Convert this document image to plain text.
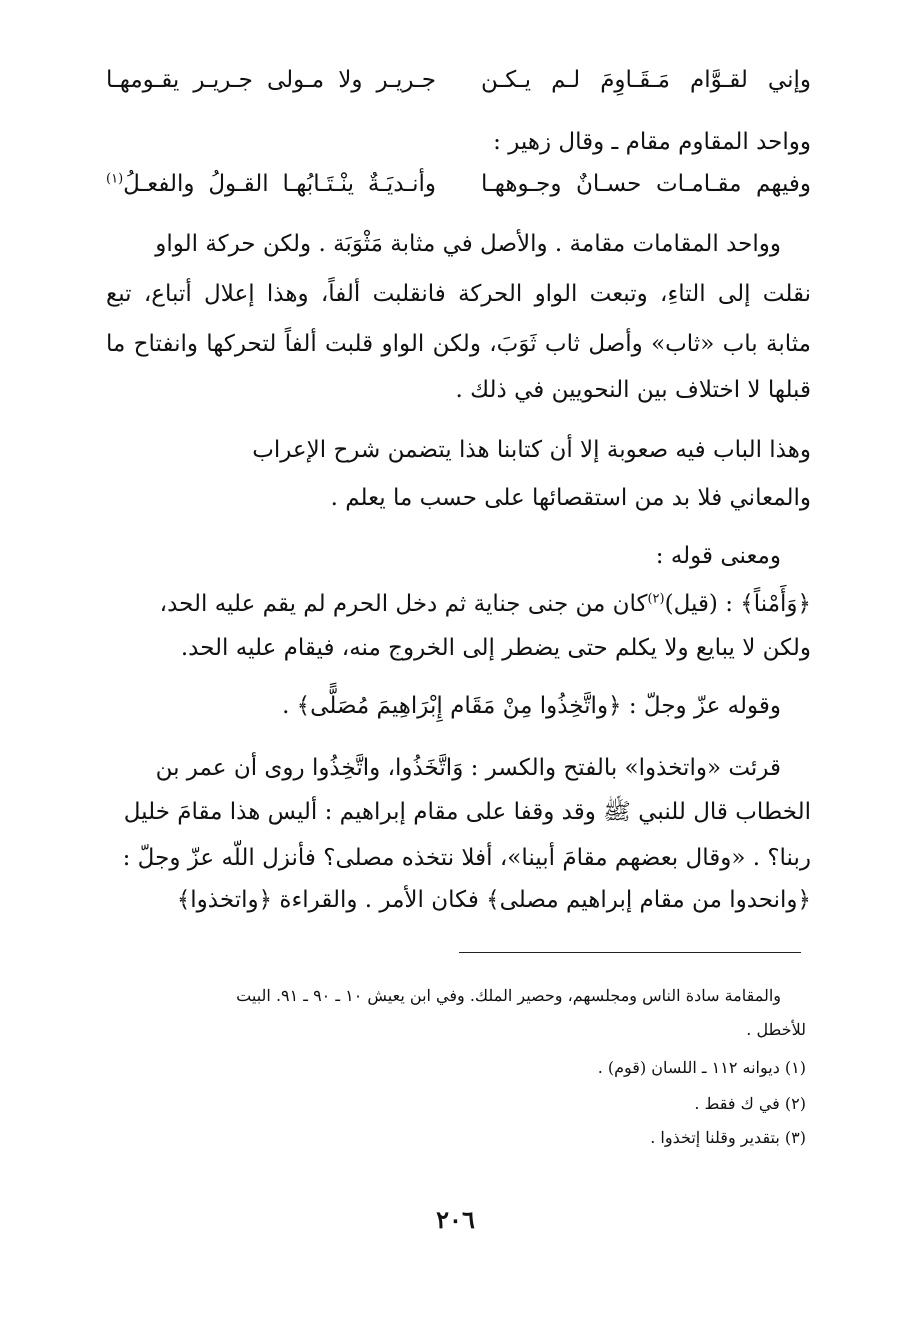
وإني لقـوَّام مَـقَـاوِمَ لـم يـكـن
جـريـر ولا مـولى جـريـر يقـومهـا
وواحد المقاوم مقام ـ وقال زهير :
وفيهم مقـامـات حسـانٌ وجـوههـا
وأنـديَـةٌ ينْـتَـابُهـا القـولُ والفعـلُ$^{(١)}$
وواحد المقامات مقامة . والأصل في مثابة مَثْوَبَة . ولكن حركة الواو
نقلت إلى التاءِ، وتبعت الواو الحركة فانقلبت ألفاً، وهذا إعلال أتباع، تبع
مثابة باب «ثاب» وأصل ثاب ثَوَبَ، ولكن الواو قلبت ألفاً لتحركها وانفتاح ما
قبلها لا اختلاف بين النحويين في ذلك .
وهذا الباب فيه صعوبة إلا أن كتابنا هذا يتضمن شرح الإعراب
والمعاني فلا بد من استقصائها على حسب ما يعلم .
ومعنى قوله :
﴿وَأَمْناً﴾ : (قيل)$^{(٢)}$كان من جنى جناية ثم دخل الحرم لم يقم عليه الحد،
ولكن لا يبايع ولا يكلم حتى يضطر إلى الخروج منه، فيقام عليه الحد.
وقوله عزّ وجلّ : ﴿واتَّخِذُوا مِنْ مَقَام إِبْرَاهِيمَ مُصَلًّى﴾ .
قرئت «واتخذوا» بالفتح والكسر : وَاتَّخَذُوا، واتَّخِذُوا روى أن عمر بن
الخطاب قال للنبي ﷺ وقد وقفا على مقام إبراهيم : أليس هذا مقامَ خليل
ربنا؟ . «وقال بعضهم مقامَ أبينا»، أفلا نتخذه مصلى؟ فأنزل اللّه عزّ وجلّ :
﴿وانحدوا من مقام إبراهيم مصلى﴾ فكان الأمر . والقراءة ﴿واتخذوا﴾
والمقامة سادة الناس ومجلسهم، وحصير الملك. وفي ابن يعيش ١٠ ـ ٩٠ ـ ٩١. البيت
للأخطل .
(١) ديوانه ١١٢ ـ اللسان (قوم) .
(٢) في ك فقط .
(٣) بتقدير وقلنا إتخذوا .
٢٠٦
